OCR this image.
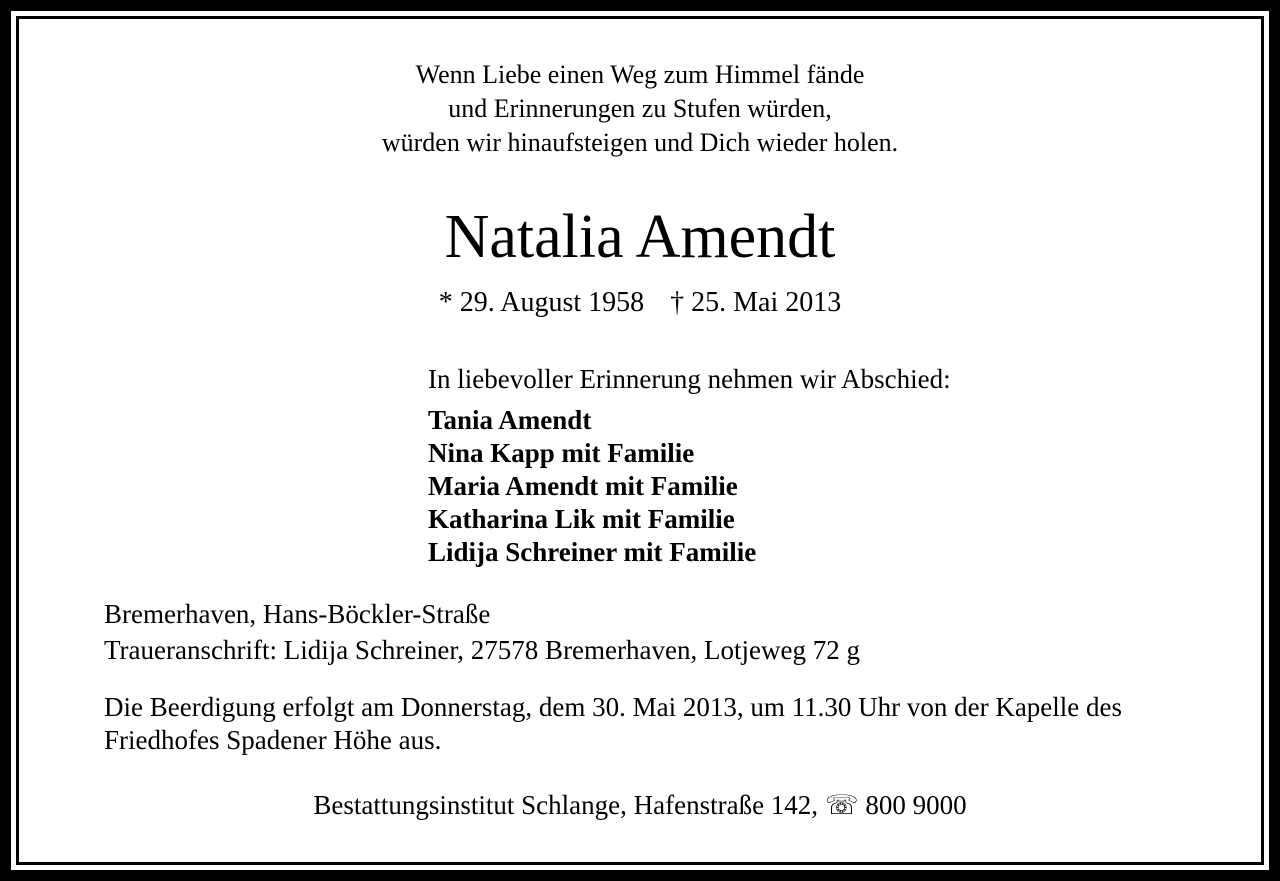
Wenn Liebe einen Weg zum Himmel fände
und Erinnerungen zu Stufen würden,
würden wir hinaufsteigen und Dich wieder holen.
Natalia Amendt
* 29. August 1958 † 25. Mai 2013
In liebevoller Erinnerung nehmen wir Abschied:
Tania Amendt
Nina Kapp mit Familie
Maria Amendt mit Familie
Katharina Lik mit Familie
Lidija Schreiner mit Familie
Bremerhaven, Hans-Böckler-Straße
Traueranschrift: Lidija Schreiner, 27578 Bremerhaven, Lotjeweg 72 g
Die Beerdigung erfolgt am Donnerstag, dem 30. Mai 2013, um 11.30 Uhr von der Kapelle des Friedhofes Spadener Höhe aus.
Bestattungsinstitut Schlange, Hafenstraße 142, ☏ 800 9000
